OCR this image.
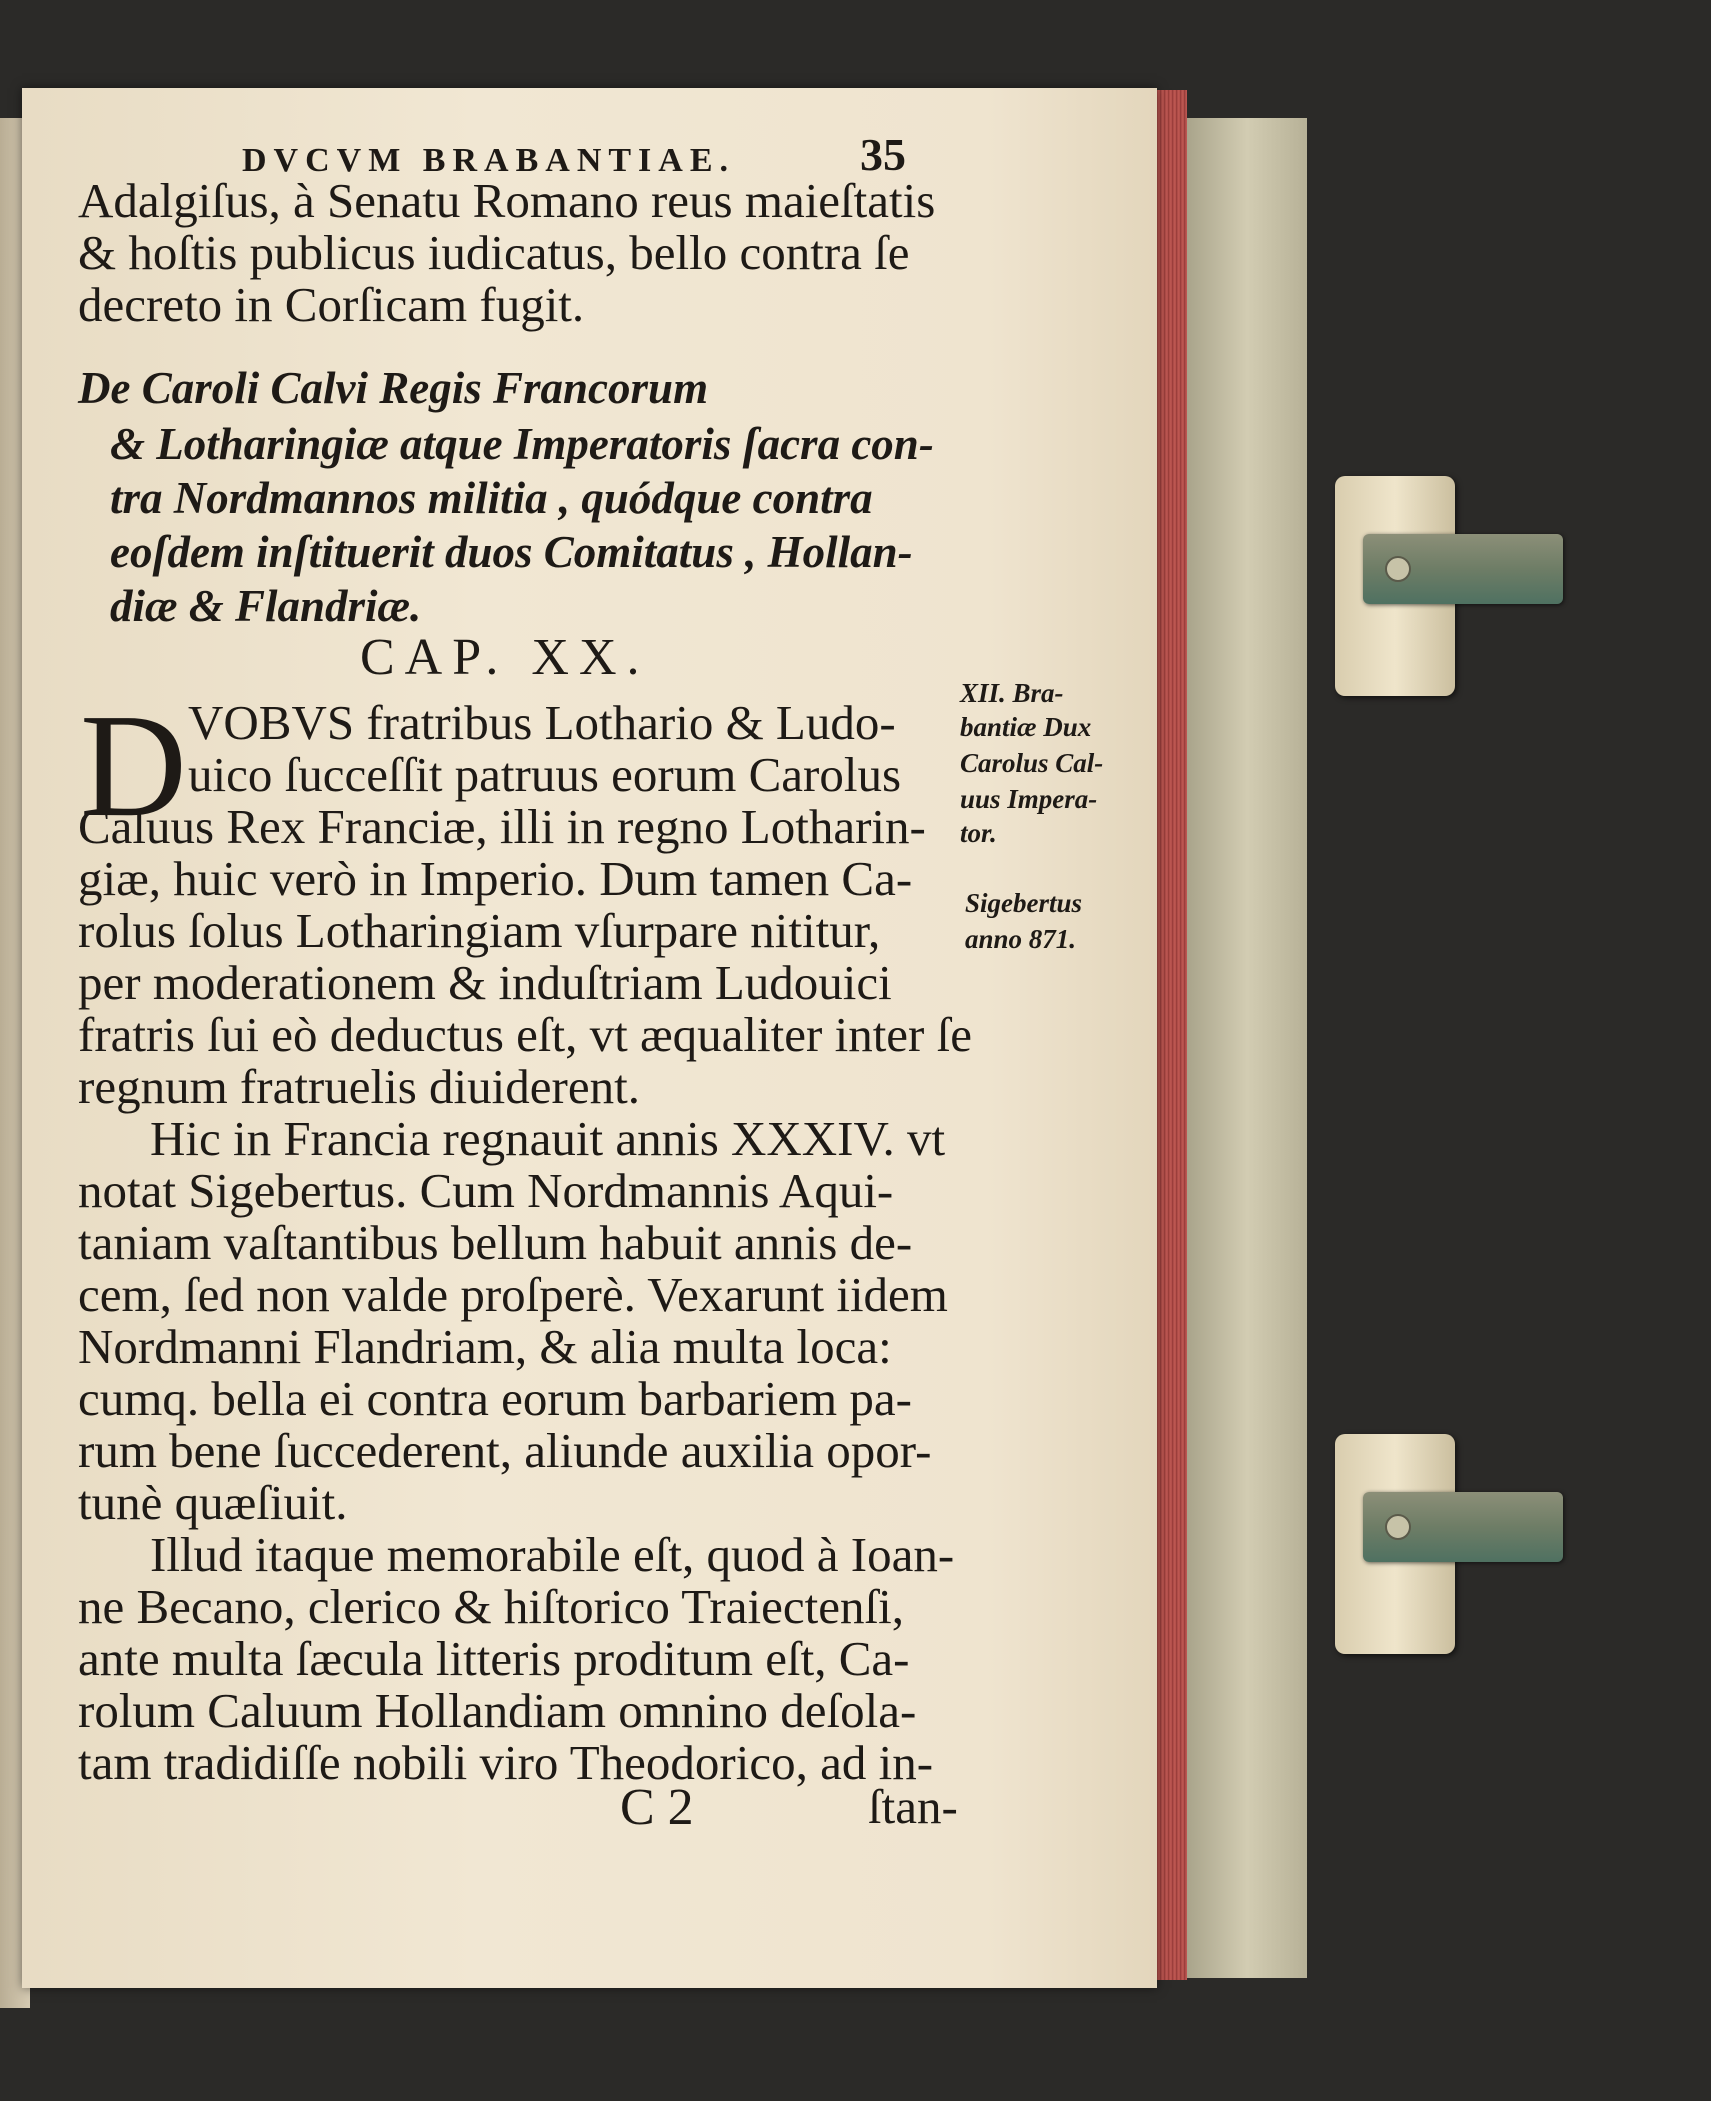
DVCVM BRABANTIAE.	35

Adalgiſus, à Senatu Romano reus maieſtatis

& hoſtis publicus iudicatus, bello contra ſe

decreto in Corſicam fugit.

De Caroli Calvi Regis Francorum

& Lotharingiæ atque Imperatoris ſacra con-

tra Nordmannos militia , quódque contra

eoſdem inſtituerit duos Comitatus , Hollan-

diæ & Flandriæ.

CAP. XX.

D VOBVS fratribus Lothario & Ludo-

uico ſucceſſit patruus eorum Carolus

Caluus Rex Franciæ, illi in regno Lotharin-

giæ, huic verò in Imperio. Dum tamen Ca-

rolus ſolus Lotharingiam vſurpare nititur,

per moderationem & induſtriam Ludouici

fratris ſui eò deductus eſt, vt æqualiter inter ſe

regnum fratruelis diuiderent.

Hic in Francia regnauit annis XXXIV. vt

notat Sigebertus. Cum Nordmannis Aqui-

taniam vaſtantibus bellum habuit annis de-

cem, ſed non valde proſperè. Vexarunt iidem

Nordmanni Flandriam, & alia multa loca:

cumq. bella ei contra eorum barbariem pa-

rum bene ſuccederent, aliunde auxilia opor-

tunè quæſiuit.

Illud itaque memorabile eſt, quod à Ioan-

ne Becano, clerico & hiſtorico Traiectenſi,

ante multa ſæcula litteris proditum eſt, Ca-

rolum Caluum Hollandiam omnino deſola-

tam tradidiſſe nobili viro Theodorico, ad in-

C 2	ſtan-

XII. Bra-

bantiæ Dux

Carolus Cal-

uus Impera-

tor.

Sigebertus

anno 871.
